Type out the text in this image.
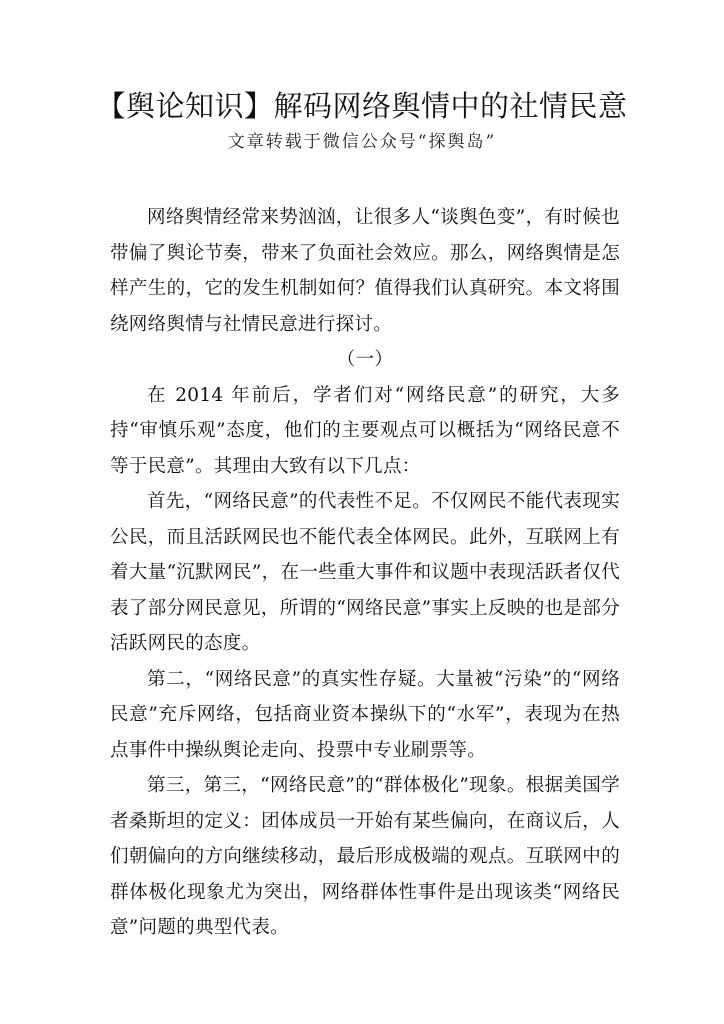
【舆论知识】解码网络舆情中的社情民意
文章转载于微信公众号“探舆岛”

网络舆情经常来势汹汹，让很多人“谈舆色变”，有时候也带偏了舆论节奏，带来了负面社会效应。那么，网络舆情是怎样产生的，它的发生机制如何？值得我们认真研究。本文将围绕网络舆情与社情民意进行探讨。

（一）

在 2014 年前后，学者们对“网络民意”的研究，大多持“审慎乐观”态度，他们的主要观点可以概括为“网络民意不等于民意”。其理由大致有以下几点：

首先，“网络民意”的代表性不足。不仅网民不能代表现实公民，而且活跃网民也不能代表全体网民。此外，互联网上有着大量“沉默网民”，在一些重大事件和议题中表现活跃者仅代表了部分网民意见，所谓的“网络民意”事实上反映的也是部分活跃网民的态度。

第二，“网络民意”的真实性存疑。大量被“污染”的“网络民意”充斥网络，包括商业资本操纵下的“水军”，表现为在热点事件中操纵舆论走向、投票中专业刷票等。

第三，第三，“网络民意”的“群体极化”现象。根据美国学者桑斯坦的定义：团体成员一开始有某些偏向，在商议后，人们朝偏向的方向继续移动，最后形成极端的观点。互联网中的群体极化现象尤为突出，网络群体性事件是出现该类“网络民意”问题的典型代表。
